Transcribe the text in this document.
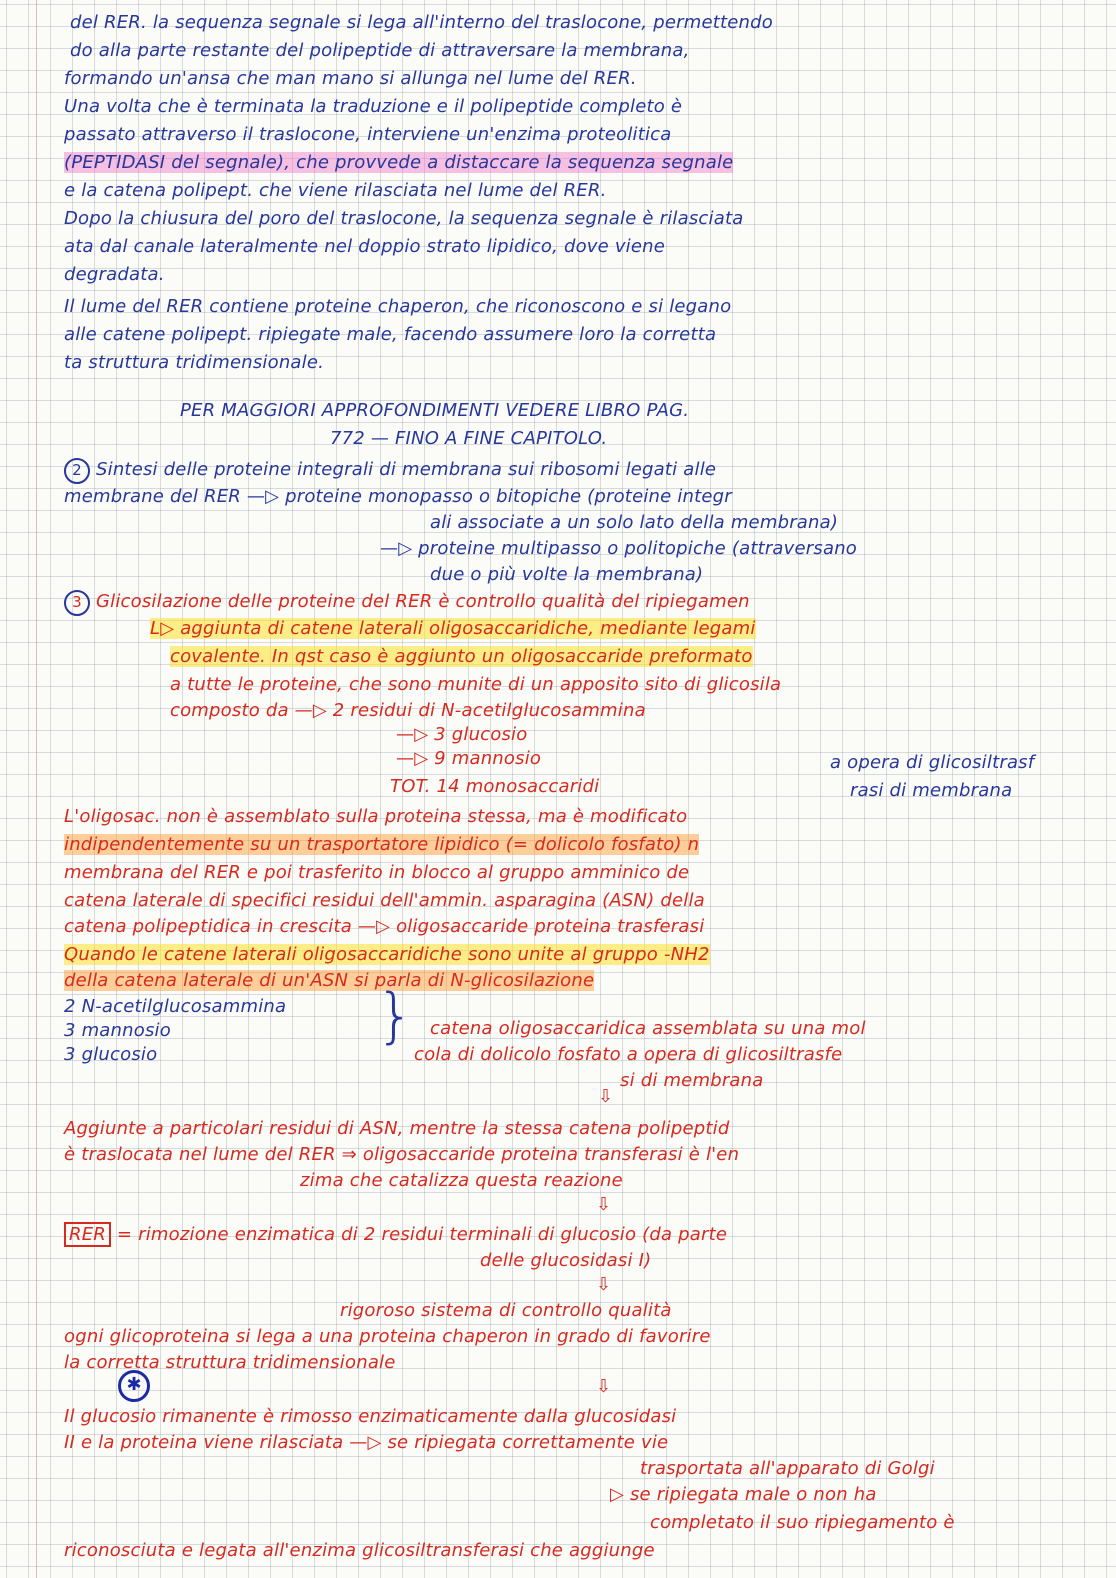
del RER. la sequenza segnale si lega all'interno del traslocone, permettendo
do alla parte restante del polipeptide di attraversare la membrana,
formando un'ansa che man mano si allunga nel lume del RER.
Una volta che è terminata la traduzione e il polipeptide completo è
passato attraverso il traslocone, interviene un'enzima proteolitica
(PEPTIDASI del segnale), che provvede a distaccare la sequenza segnale
e la catena polipept. che viene rilasciata nel lume del RER.
Dopo la chiusura del poro del traslocone, la sequenza segnale è rilasciata
ata dal canale lateralmente nel doppio strato lipidico, dove viene
degradata.
Il lume del RER contiene proteine chaperon, che riconoscono e si legano
alle catene polipept. ripiegate male, facendo assumere loro la corretta
ta struttura tridimensionale.
PER MAGGIORI APPROFONDIMENTI VEDERE LIBRO PAG.
772 — FINO A FINE CAPITOLO.
2 Sintesi delle proteine integrali di membrana sui ribosomi legati alle
membrane del RER —▷ proteine monopasso o bitopiche (proteine integr
ali associate a un solo lato della membrana)
—▷ proteine multipasso o politopiche (attraversano
due o più volte la membrana)
3 Glicosilazione delle proteine del RER è controllo qualità del ripiegamen
L▷ aggiunta di catene laterali oligosaccaridiche, mediante legami
covalente. In qst caso è aggiunto un oligosaccaride preformato
a tutte le proteine, che sono munite di un apposito sito di glicosila
composto da —▷ 2 residui di N-acetilglucosammina
—▷ 3 glucosio
—▷ 9 mannosio	a opera di glicosiltrasf
TOT. 14 monosaccaridi	rasi di membrana
L'oligosac. non è assemblato sulla proteina stessa, ma è modificato
indipendentemente su un trasportatore lipidico (= dolicolo fosfato) n
membrana del RER e poi trasferito in blocco al gruppo amminico de
catena laterale di specifici residui dell'ammin. asparagina (ASN) della
catena polipeptidica in crescita —▷ oligosaccaride proteina trasferasi
Quando le catene laterali oligosaccaridiche sono unite al gruppo -NH2
della catena laterale di un'ASN si parla di N-glicosilazione
2 N-acetilglucosammina
3 mannosio
3 glucosio
catena oligosaccaridica assemblata su una mol
cola di dolicolo fosfato a opera di glicosiltrasfe
si di membrana
Aggiunte a particolari residui di ASN, mentre la stessa catena polipeptid
è traslocata nel lume del RER ⇒ oligosaccaride proteina transferasi è l'en
zima che catalizza questa reazione
RER = rimozione enzimatica di 2 residui terminali di glucosio (da parte
delle glucosidasi I)
rigoroso sistema di controllo qualità
ogni glicoproteina si lega a una proteina chaperon in grado di favorire
la corretta struttura tridimensionale
Il glucosio rimanente è rimosso enzimaticamente dalla glucosidasi
II e la proteina viene rilasciata —▷ se ripiegata correttamente vie
trasportata all'apparato di Golgi
▷ se ripiegata male o non ha
completato il suo ripiegamento è
riconosciuta e legata all'enzima glicosiltransferasi che aggiunge
⇩
⇩
⇩
⇩
}
✱
